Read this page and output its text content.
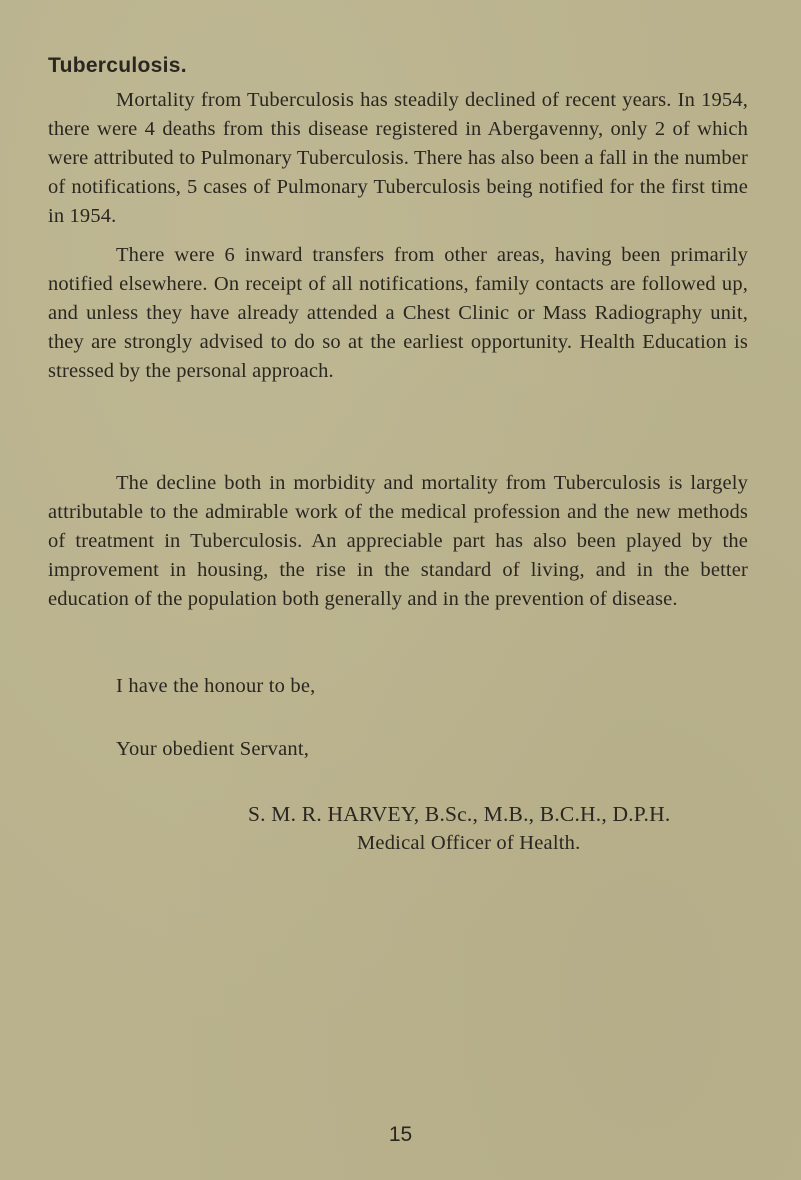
Tuberculosis.

Mortality from Tuberculosis has steadily declined of recent years. In 1954, there were 4 deaths from this disease registered in Abergavenny, only 2 of which were attributed to Pulmonary Tuberculosis. There has also been a fall in the number of notifications, 5 cases of Pulmonary Tuberculosis being notified for the first time in 1954.

There were 6 inward transfers from other areas, having been primarily notified elsewhere. On receipt of all notifications, family contacts are followed up, and unless they have already attended a Chest Clinic or Mass Radiography unit, they are strongly advised to do so at the earliest opportunity. Health Education is stressed by the personal approach.

The decline both in morbidity and mortality from Tuberculosis is largely attributable to the admirable work of the medical profession and the new methods of treatment in Tuberculosis. An appreciable part has also been played by the improvement in housing, the rise in the standard of living, and in the better education of the population both generally and in the prevention of disease.

I have the honour to be,

Your obedient Servant,

S. M. R. HARVEY, B.Sc., M.B., B.C.H., D.P.H.

Medical Officer of Health.

15
